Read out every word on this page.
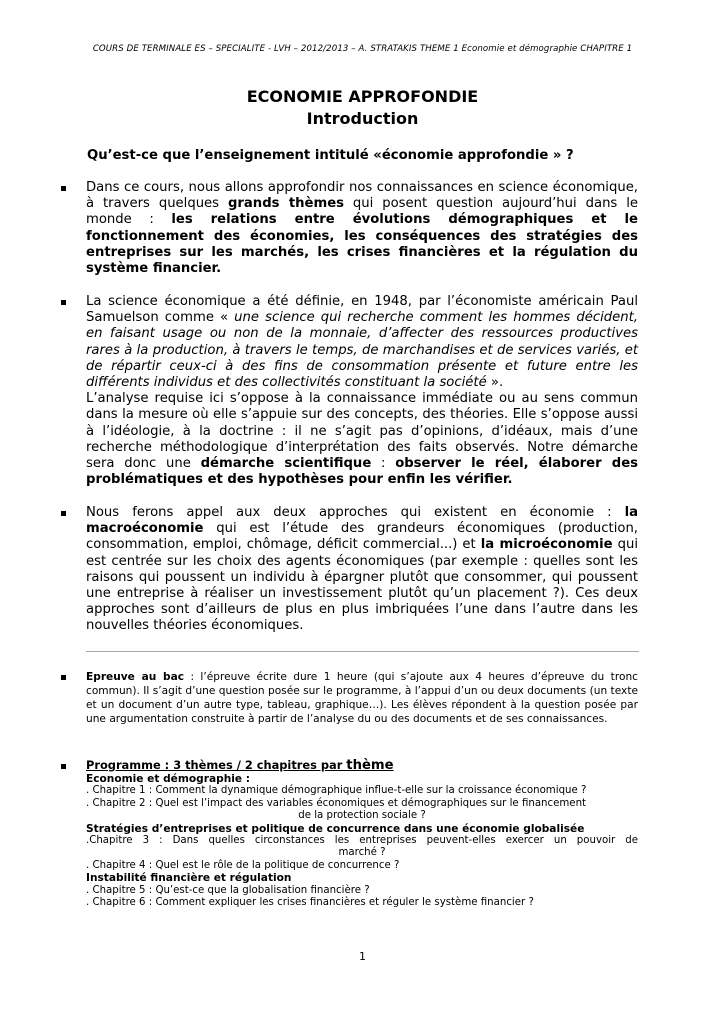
COURS DE TERMINALE ES – SPECIALITE - LVH – 2012/2013 – A. STRATAKIS THEME 1 Economie et démographie CHAPITRE 1
ECONOMIE APPROFONDIE
Introduction
Qu’est-ce que l’enseignement intitulé «économie approfondie » ?

Dans ce cours, nous allons approfondir nos connaissances en science économique, à travers quelques grands thèmes qui posent question aujourd’hui dans le monde : les relations entre évolutions démographiques et le fonctionnement des économies, les conséquences des stratégies des entreprises sur les marchés, les crises financières et la régulation du système financier.

La science économique a été définie, en 1948, par l’économiste américain Paul Samuelson comme « une science qui recherche comment les hommes décident, en faisant usage ou non de la monnaie, d’affecter des ressources productives rares à la production, à travers le temps, de marchandises et de services variés, et de répartir ceux-ci à des fins de consommation présente et future entre les différents individus et des collectivités constituant la société ».

L’analyse requise ici s’oppose à la connaissance immédiate ou au sens commun dans la mesure où elle s’appuie sur des concepts, des théories. Elle s’oppose aussi à l’idéologie, à la doctrine : il ne s’agit pas d’opinions, d’idéaux, mais d’une recherche méthodologique d’interprétation des faits observés. Notre démarche sera donc une démarche scientifique : observer le réel, élaborer des problématiques et des hypothèses pour enfin les vérifier.

Nous ferons appel aux deux approches qui existent en économie : la macroéconomie qui est l’étude des grandeurs économiques (production, consommation, emploi, chômage, déficit commercial...) et la microéconomie qui est centrée sur les choix des agents économiques (par exemple : quelles sont les raisons qui poussent un individu à épargner plutôt que consommer, qui poussent une entreprise à réaliser un investissement plutôt qu’un placement ?). Ces deux approches sont d’ailleurs de plus en plus imbriquées l’une dans l’autre dans les nouvelles théories économiques.

Epreuve au bac : l’épreuve écrite dure 1 heure (qui s’ajoute aux 4 heures d’épreuve du tronc commun). Il s’agit d’une question posée sur le programme, à l’appui d’un ou deux documents (un texte et un document d’un autre type, tableau, graphique…). Les élèves répondent à la question posée par une argumentation construite à partir de l’analyse du ou des documents et de ses connaissances.

Programme : 3 thèmes / 2 chapitres par thème
Economie et démographie :
. Chapitre 1 : Comment la dynamique démographique influe-t-elle sur la croissance économique ?
. Chapitre 2 : Quel est l’impact des variables économiques et démographiques sur le financement
de la protection sociale ?
Stratégies d’entreprises et politique de concurrence dans une économie globalisée
.Chapitre 3 : Dans quelles circonstances les entreprises peuvent-elles exercer un pouvoir de
marché ?
. Chapitre 4 : Quel est le rôle de la politique de concurrence ?
Instabilité financière et régulation
. Chapitre 5 : Qu’est-ce que la globalisation financière ?
. Chapitre 6 : Comment expliquer les crises financières et réguler le système financier ?
1
